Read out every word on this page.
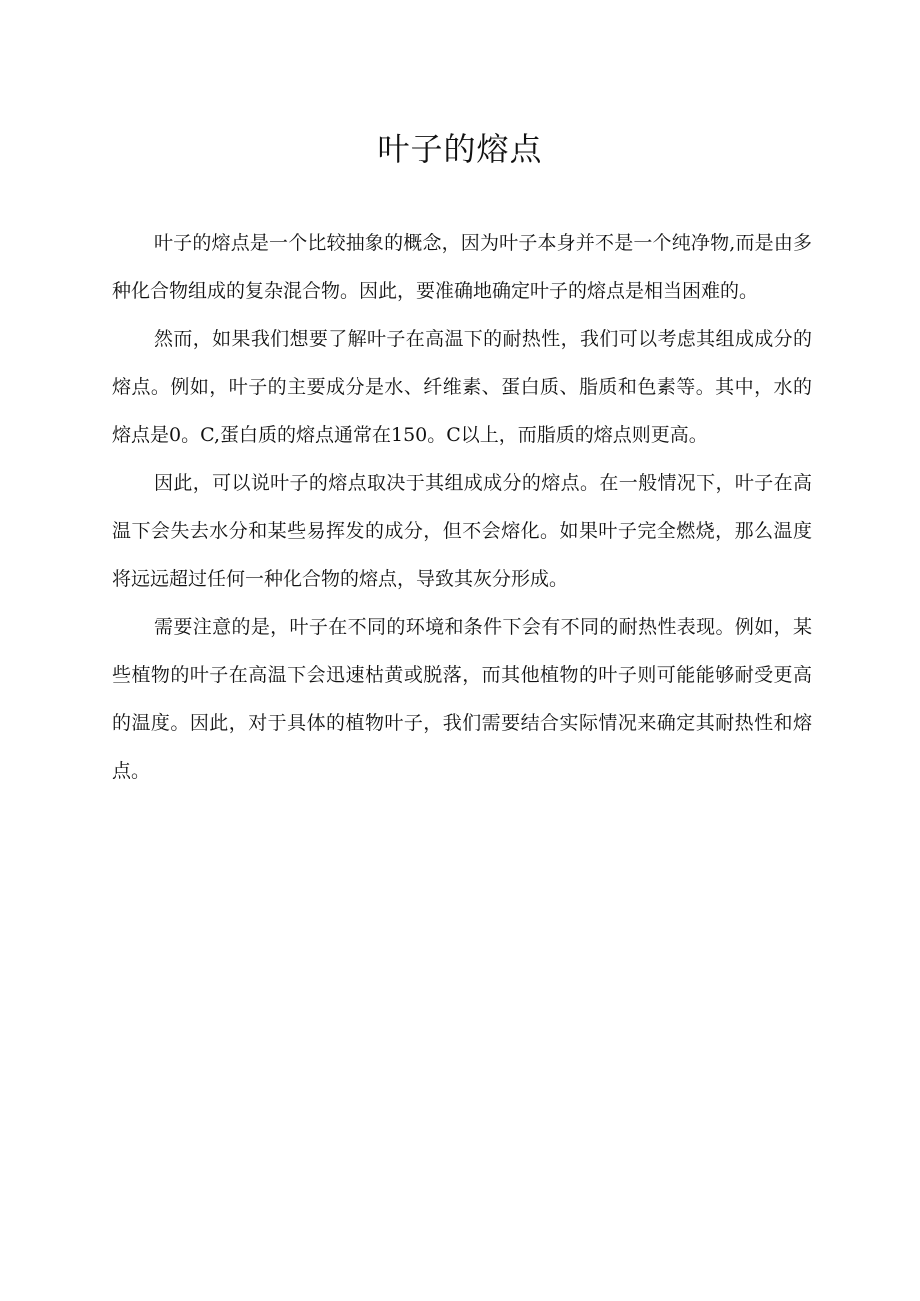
叶子的熔点

叶子的熔点是一个比较抽象的概念，因为叶子本身并不是一个纯净物,而是由多种化合物组成的复杂混合物。因此，要准确地确定叶子的熔点是相当困难的。

然而，如果我们想要了解叶子在高温下的耐热性，我们可以考虑其组成成分的熔点。例如，叶子的主要成分是水、纤维素、蛋白质、脂质和色素等。其中，水的熔点是0。C,蛋白质的熔点通常在150。C以上，而脂质的熔点则更高。

因此，可以说叶子的熔点取决于其组成成分的熔点。在一般情况下，叶子在高温下会失去水分和某些易挥发的成分，但不会熔化。如果叶子完全燃烧，那么温度将远远超过任何一种化合物的熔点，导致其灰分形成。

需要注意的是，叶子在不同的环境和条件下会有不同的耐热性表现。例如，某些植物的叶子在高温下会迅速枯黄或脱落，而其他植物的叶子则可能能够耐受更高的温度。因此，对于具体的植物叶子，我们需要结合实际情况来确定其耐热性和熔点。
